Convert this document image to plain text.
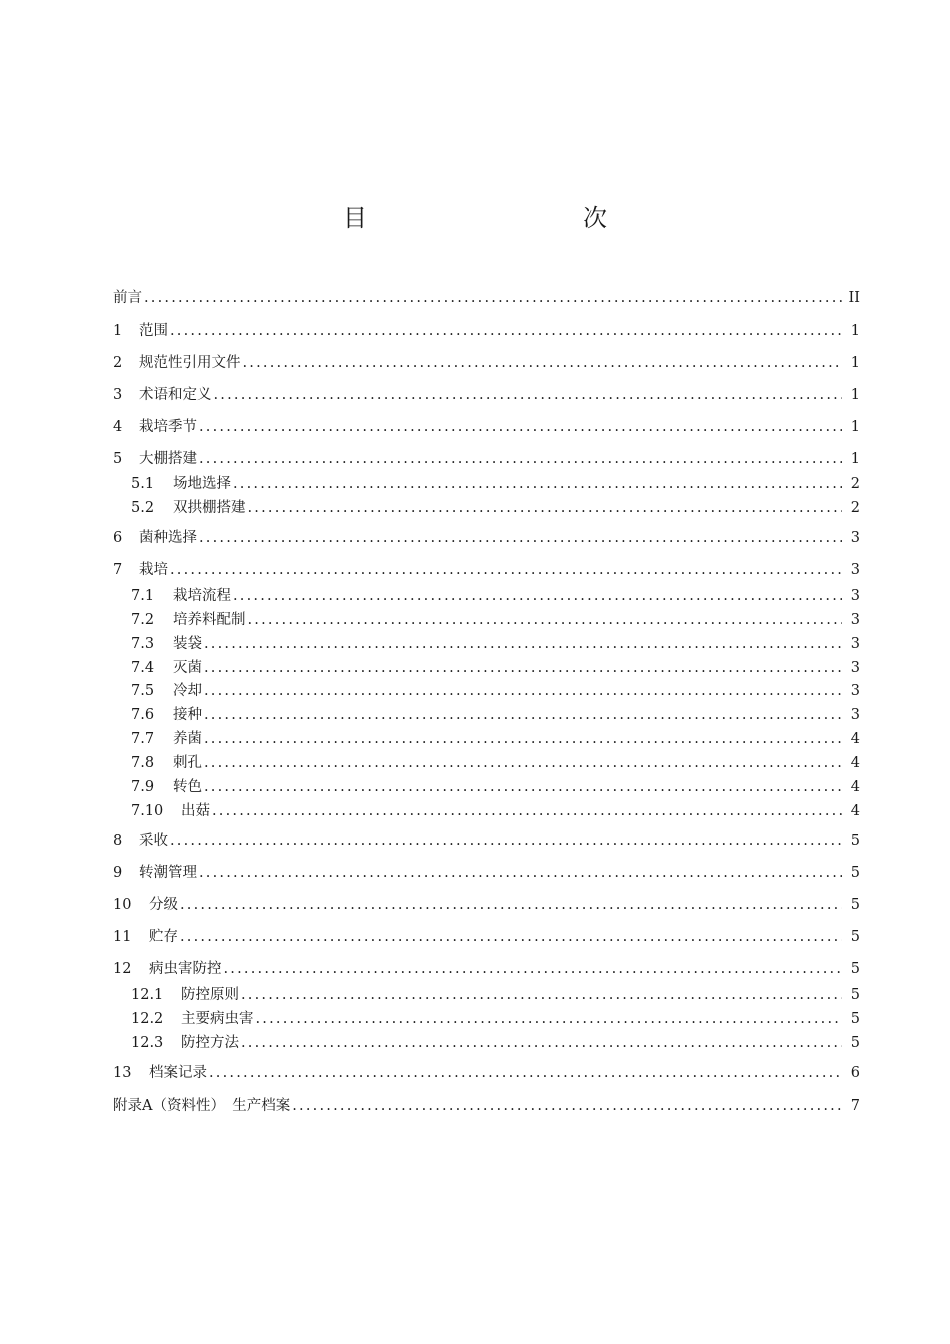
目　　次
前言 .....	II
1	范围 .....	1
2	规范性引用文件 .....	1
3	术语和定义 .....	1
4	栽培季节 .....	1
5	大棚搭建 .....	1
5.1	场地选择 .....	2
5.2	双拱棚搭建 .....	2
6	菌种选择 .....	3
7	栽培 .....	3
7.1	栽培流程 .....	3
7.2	培养料配制 .....	3
7.3	装袋 .....	3
7.4	灭菌 .....	3
7.5	冷却 .....	3
7.6	接种 .....	3
7.7	养菌 .....	4
7.8	刺孔 .....	4
7.9	转色 .....	4
7.10	出菇 .....	4
8	采收 .....	5
9	转潮管理 .....	5
10	分级 .....	5
11	贮存 .....	5
12	病虫害防控 .....	5
12.1	防控原则 .....	5
12.2	主要病虫害 .....	5
12.3	防控方法 .....	5
13	档案记录 .....	6
附录A（资料性）　生产档案 .....	7
